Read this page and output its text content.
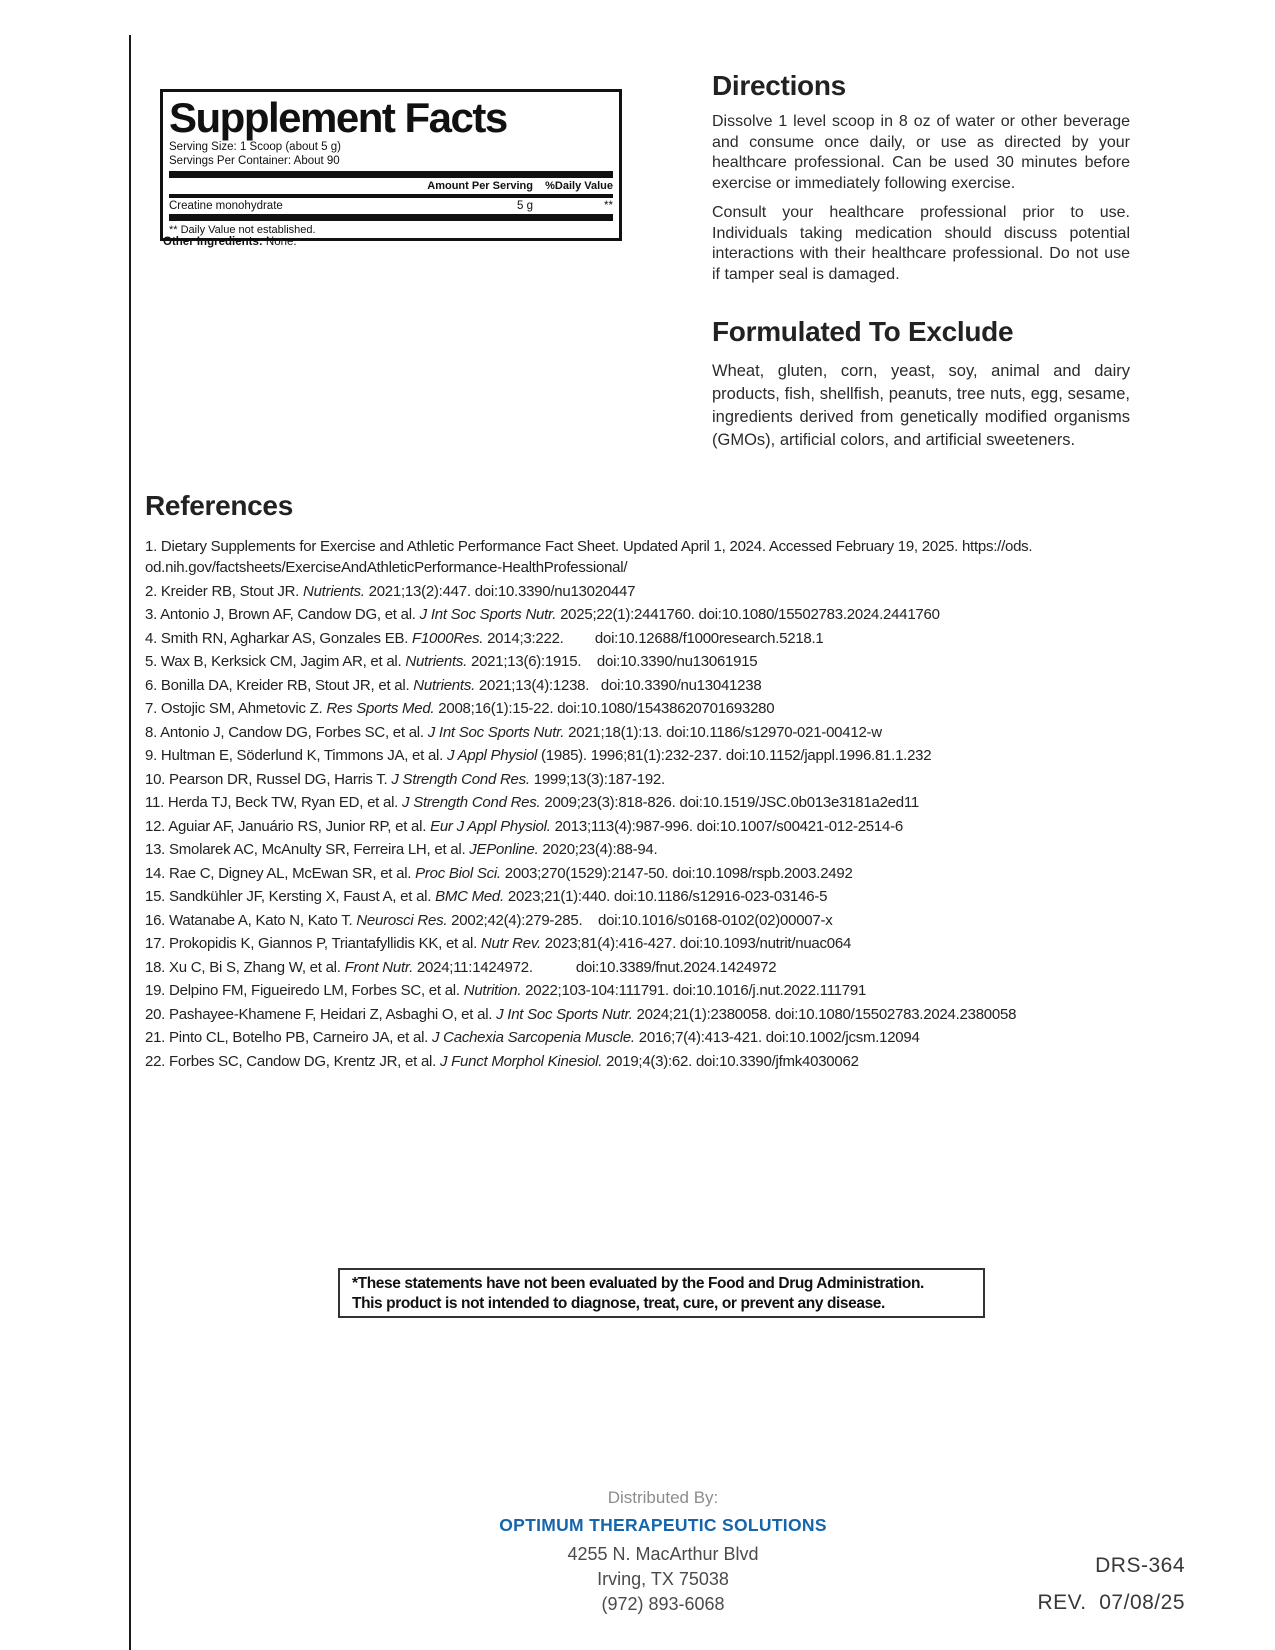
Supplement Facts
Serving Size: 1 Scoop (about 5 g)
Servings Per Container: About 90
Amount Per Serving	%Daily Value
Creatine monohydrate	5 g	**
** Daily Value not established.
Other Ingredients: None.
Directions

Dissolve 1 level scoop in 8 oz of water or other beverage and consume once daily, or use as directed by your healthcare professional. Can be used 30 minutes before exercise or immediately following exercise.

Consult your healthcare professional prior to use. Individuals taking medication should discuss potential interactions with their healthcare professional. Do not use if tamper seal is damaged.

Formulated To Exclude
Wheat, gluten, corn, yeast, soy, animal and dairy products, fish, shellfish, peanuts, tree nuts, egg, sesame, ingredients derived from genetically modified organisms (GMOs), artificial colors, and artificial sweeteners.
References
1. Dietary Supplements for Exercise and Athletic Performance Fact Sheet. Updated April 1, 2024. Accessed February 19, 2025. https://ods.
od.nih.gov/factsheets/ExerciseAndAthleticPerformance-HealthProfessional/
2. Kreider RB, Stout JR. Nutrients. 2021;13(2):447. doi:10.3390/nu13020447
3. Antonio J, Brown AF, Candow DG, et al. J Int Soc Sports Nutr. 2025;22(1):2441760. doi:10.1080/15502783.2024.2441760
4. Smith RN, Agharkar AS, Gonzales EB. F1000Res. 2014;3:222.        doi:10.12688/f1000research.5218.1
5. Wax B, Kerksick CM, Jagim AR, et al. Nutrients. 2021;13(6):1915.    doi:10.3390/nu13061915
6. Bonilla DA, Kreider RB, Stout JR, et al. Nutrients. 2021;13(4):1238.   doi:10.3390/nu13041238
7. Ostojic SM, Ahmetovic Z. Res Sports Med. 2008;16(1):15-22. doi:10.1080/15438620701693280
8. Antonio J, Candow DG, Forbes SC, et al. J Int Soc Sports Nutr. 2021;18(1):13. doi:10.1186/s12970-021-00412-w
9. Hultman E, Söderlund K, Timmons JA, et al. J Appl Physiol (1985). 1996;81(1):232-237. doi:10.1152/jappl.1996.81.1.232
10. Pearson DR, Russel DG, Harris T. J Strength Cond Res. 1999;13(3):187-192.
11. Herda TJ, Beck TW, Ryan ED, et al. J Strength Cond Res. 2009;23(3):818-826. doi:10.1519/JSC.0b013e3181a2ed11
12. Aguiar AF, Januário RS, Junior RP, et al. Eur J Appl Physiol. 2013;113(4):987-996. doi:10.1007/s00421-012-2514-6
13. Smolarek AC, McAnulty SR, Ferreira LH, et al. JEPonline. 2020;23(4):88-94.
14. Rae C, Digney AL, McEwan SR, et al. Proc Biol Sci. 2003;270(1529):2147-50. doi:10.1098/rspb.2003.2492
15. Sandkühler JF, Kersting X, Faust A, et al. BMC Med. 2023;21(1):440. doi:10.1186/s12916-023-03146-5
16. Watanabe A, Kato N, Kato T. Neurosci Res. 2002;42(4):279-285.    doi:10.1016/s0168-0102(02)00007-x
17. Prokopidis K, Giannos P, Triantafyllidis KK, et al. Nutr Rev. 2023;81(4):416-427. doi:10.1093/nutrit/nuac064
18. Xu C, Bi S, Zhang W, et al. Front Nutr. 2024;11:1424972.           doi:10.3389/fnut.2024.1424972
19. Delpino FM, Figueiredo LM, Forbes SC, et al. Nutrition. 2022;103-104:111791. doi:10.1016/j.nut.2022.111791
20. Pashayee-Khamene F, Heidari Z, Asbaghi O, et al. J Int Soc Sports Nutr. 2024;21(1):2380058. doi:10.1080/15502783.2024.2380058
21. Pinto CL, Botelho PB, Carneiro JA, et al. J Cachexia Sarcopenia Muscle. 2016;7(4):413-421. doi:10.1002/jcsm.12094
22. Forbes SC, Candow DG, Krentz JR, et al. J Funct Morphol Kinesiol. 2019;4(3):62. doi:10.3390/jfmk4030062
*These statements have not been evaluated by the Food and Drug Administration.
This product is not intended to diagnose, treat, cure, or prevent any disease.
Distributed By:
OPTIMUM THERAPEUTIC SOLUTIONS
4255 N. MacArthur Blvd
Irving, TX 75038
(972) 893-6068
DRS-364
REV.  07/08/25
